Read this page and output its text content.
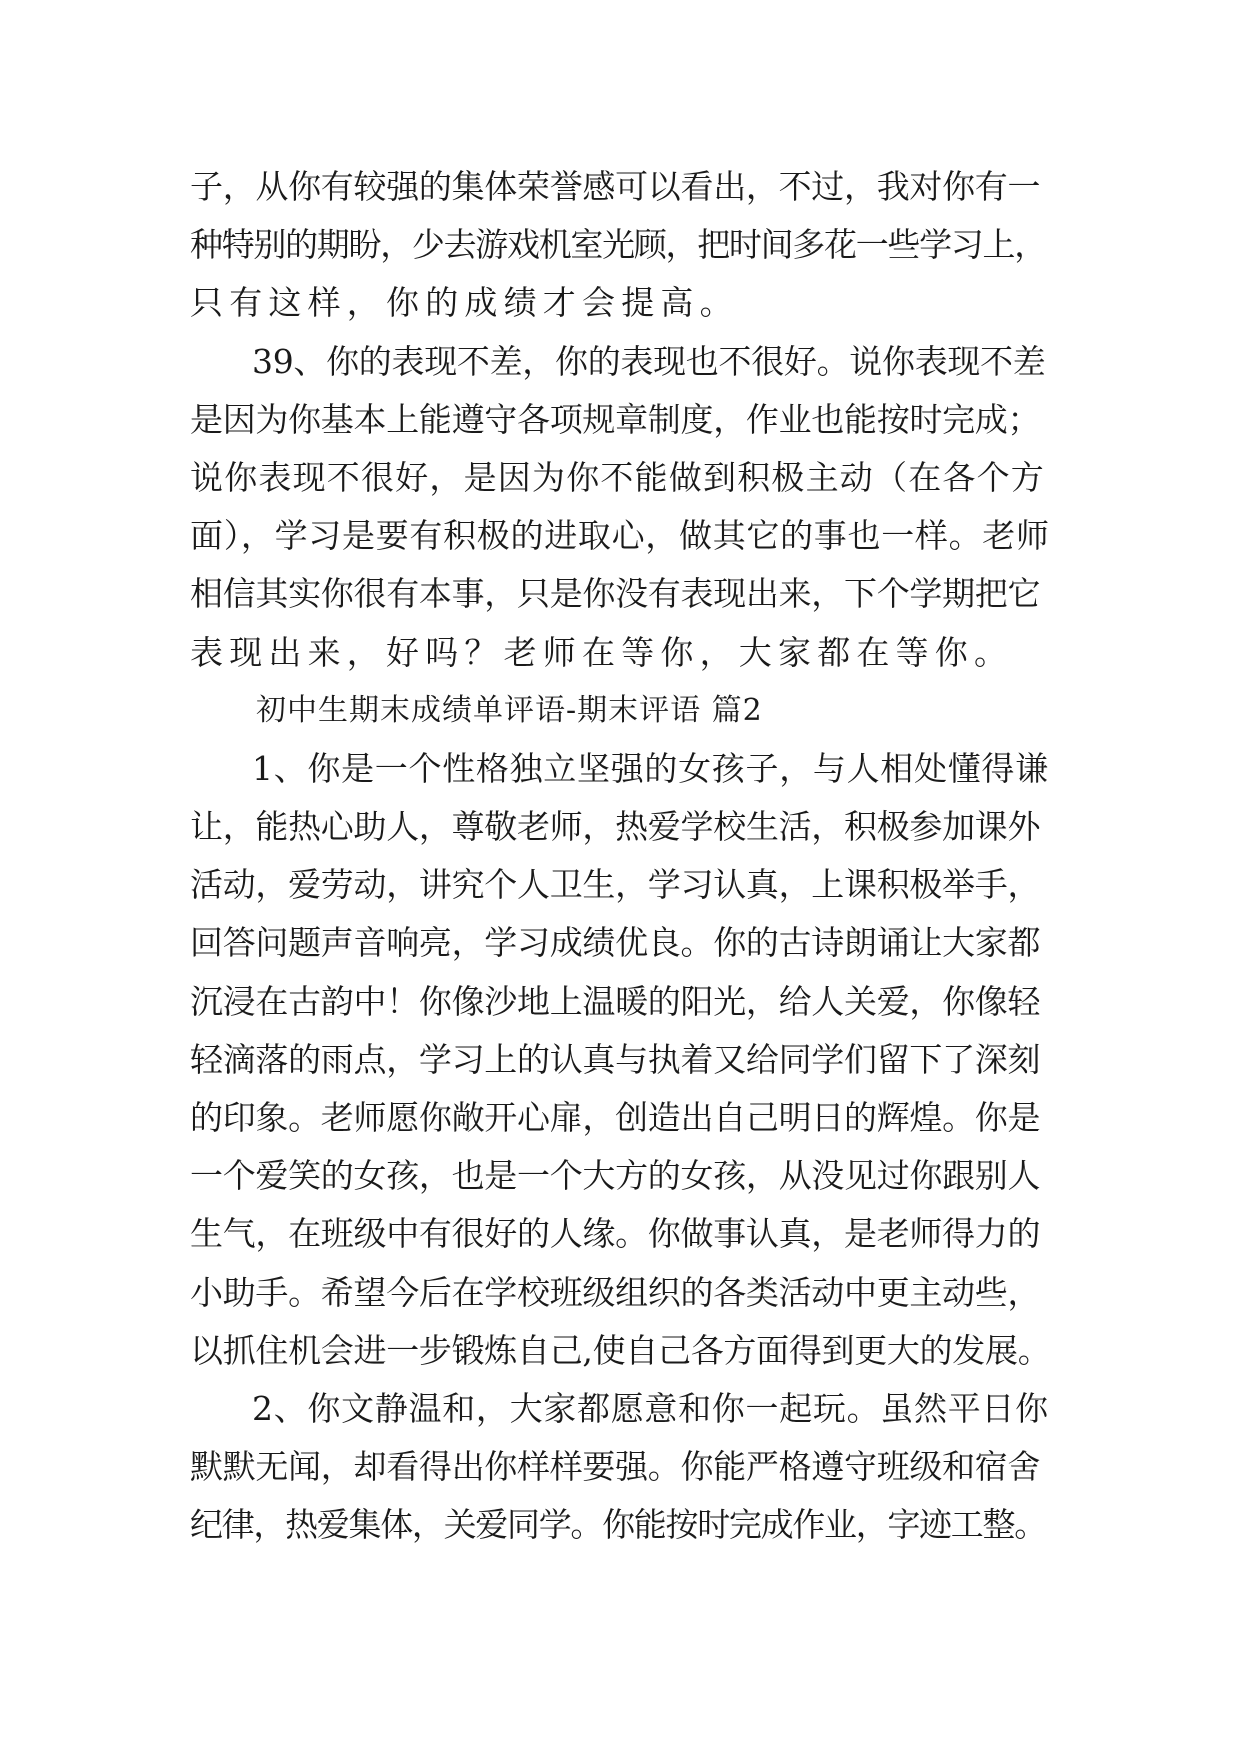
子，从你有较强的集体荣誉感可以看出，不过，我对你有一
种特别的期盼，少去游戏机室光顾，把时间多花一些学习上，
只有这样，你的成绩才会提高。
39、你的表现不差，你的表现也不很好。说你表现不差
是因为你基本上能遵守各项规章制度，作业也能按时完成；
说你表现不很好，是因为你不能做到积极主动（在各个方
面），学习是要有积极的进取心，做其它的事也一样。老师
相信其实你很有本事，只是你没有表现出来，下个学期把它
表现出来，好吗？老师在等你，大家都在等你。
初中生期末成绩单评语-期末评语 篇2
1、你是一个性格独立坚强的女孩子，与人相处懂得谦
让，能热心助人，尊敬老师，热爱学校生活，积极参加课外
活动，爱劳动，讲究个人卫生，学习认真，上课积极举手，
回答问题声音响亮，学习成绩优良。你的古诗朗诵让大家都
沉浸在古韵中！你像沙地上温暖的阳光，给人关爱，你像轻
轻滴落的雨点，学习上的认真与执着又给同学们留下了深刻
的印象。老师愿你敞开心扉，创造出自己明日的辉煌。你是
一个爱笑的女孩，也是一个大方的女孩，从没见过你跟别人
生气，在班级中有很好的人缘。你做事认真，是老师得力的
小助手。希望今后在学校班级组织的各类活动中更主动些，
以抓住机会进一步锻炼自己,使自己各方面得到更大的发展。
2、你文静温和，大家都愿意和你一起玩。虽然平日你
默默无闻，却看得出你样样要强。你能严格遵守班级和宿舍
纪律，热爱集体，关爱同学。你能按时完成作业，字迹工整。
